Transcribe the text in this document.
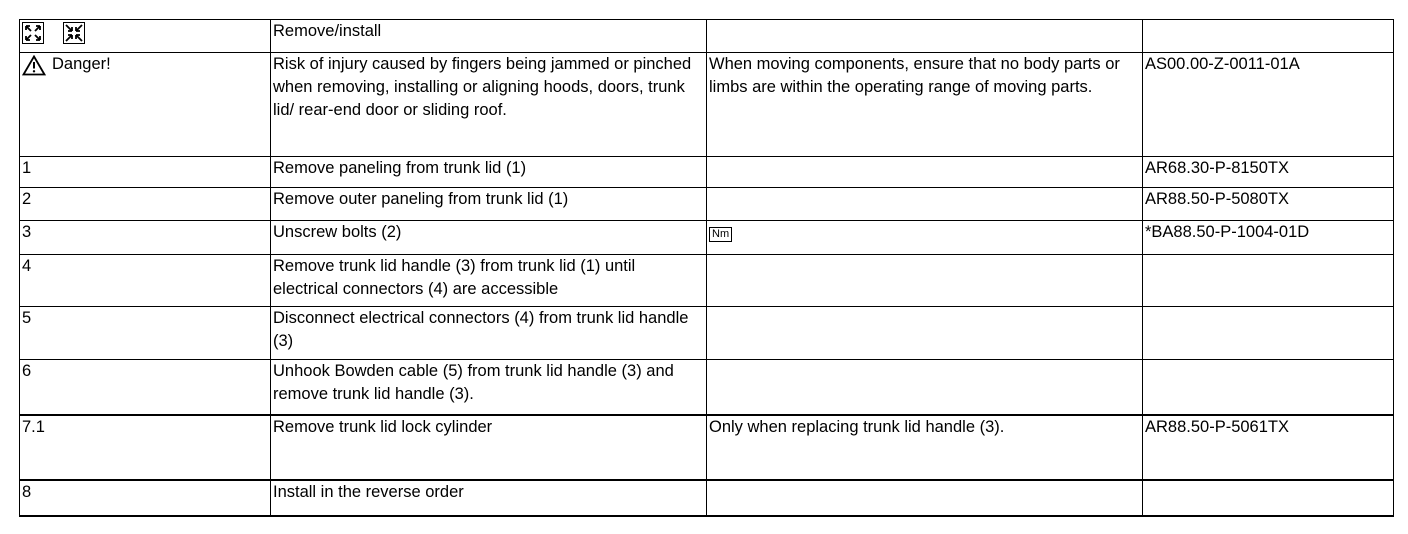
	Remove/install		
Danger!	Risk of injury caused by fingers being jammed or pinched when removing, installing or aligning hoods, doors, trunk lid/ rear-end door or sliding roof.	When moving components, ensure that no body parts or limbs are within the operating range of moving parts.	AS00.00-Z-0011-01A
1	Remove paneling from trunk lid (1)		AR68.30-P-8150TX
2	Remove outer paneling from trunk lid (1)		AR88.50-P-5080TX
3	Unscrew bolts (2)	Nm	*BA88.50-P-1004-01D
4	Remove trunk lid handle (3) from trunk lid (1) until electrical connectors (4) are accessible		
5	Disconnect electrical connectors (4) from trunk lid handle (3)		
6	Unhook Bowden cable (5) from trunk lid handle (3) and remove trunk lid handle (3).		
7.1	Remove trunk lid lock cylinder	Only when replacing trunk lid handle (3).	AR88.50-P-5061TX
8	Install in the reverse order		
